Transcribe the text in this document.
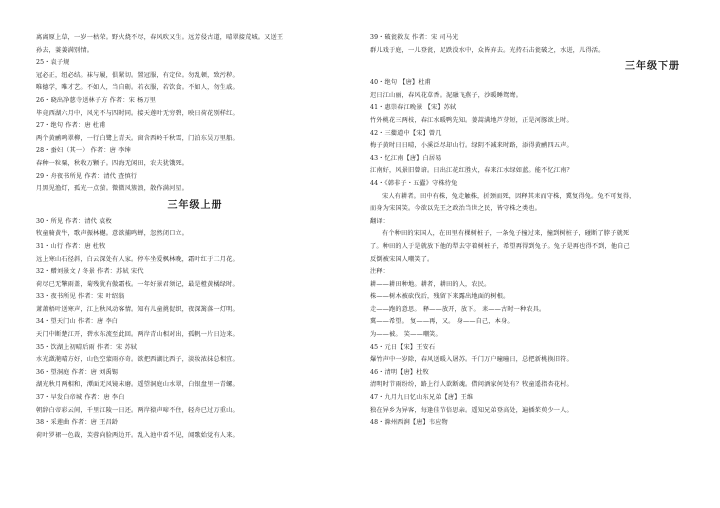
离离原上草，一岁一枯荣。野火烧不尽，春风吹又生。远芳侵古道，晴翠接荒城。又送王
孙去，萋萋满别情。
25・袁子规
冠必正，纽必结。袜与履，俱紧切。置冠服，有定位。勿乱顿，致污秽。
唯德学，唯才艺。不如人，当自砺。若衣服，若饮食。不如人，勿生戚。
26・晓出净慈寺送林子方 作者：宋 杨万里
毕竟西湖六月中，风光不与四时同。接天莲叶无穷碧，映日荷花别样红。
27・绝句 作者：唐 杜甫
两个黄鹂鸣翠柳，一行白鹭上青天。窗含西岭千秋雪，门泊东吴万里船。
28・蚕妇（其一） 作者：唐 李绅
春种一粒粟，秋收万颗子。四海无闲田，农夫犹饿死。
29・舟夜书所见 作者：清代 查慎行
月黑见渔灯，孤光一点萤。微微风簇浪，散作满河星。
三年级上册
30・所见 作者：清代 袁枚
牧童骑黄牛，歌声振林樾。意欲捕鸣蝉，忽然闭口立。
31・山行 作者：唐 杜牧
远上寒山石径斜，白云深处有人家。停车坐爱枫林晚，霜叶红于二月花。
32・赠刘景文 / 冬景 作者：苏轼 宋代
荷尽已无擎雨盖，菊残犹有傲霜枝。一年好景君须记，最是橙黄橘绿时。
33・夜书所见 作者：宋 叶绍翁
萧萧梧叶送寒声，江上秋风动客情。知有儿童挑促织，夜深篱落一灯明。
34・望天门山 作者：唐 李白
天门中断楚江开，碧水东流至此回。两岸青山相对出，孤帆一片日边来。
35・饮湖上初晴后雨 作者：宋 苏轼
水光潋滟晴方好，山色空蒙雨亦奇。欲把西湖比西子，淡妆浓抹总相宜。
36・望洞庭 作者：唐 刘禹锡
湖光秋月两相和，潭面无风镜未磨。遥望洞庭山水翠，白银盘里一青螺。
37・早发白帝城 作者：唐 李白
朝辞白帝彩云间，千里江陵一日还。两岸猿声啼不住，轻舟已过万重山。
38・采莲曲 作者：唐 王昌龄
荷叶罗裙一色裁，芙蓉向脸两边开。乱入池中看不见，闻歌始觉有人来。
39・破瓮救友 作者：宋 司马光
群儿戏于庭，一儿登瓮，足跌没水中，众皆弃去。光持石击瓮破之，水迸，儿得活。
三年级下册
40・绝句 【唐】杜甫
迟日江山丽，春风花草香。泥融飞燕子，沙暖睡鸳鸯。
41・惠崇春江晚景 【宋】苏轼
竹外桃花三两枝，春江水暖鸭先知。蒌蒿满地芦芽短，正是河豚欲上时。
42・三衢道中【宋】曾几
梅子黄时日日晴，小溪泛尽却山行。绿阴不减来时路，添得黄鹂四五声。
43・忆江南【唐】白居易
江南好，风景旧曾谙。日出江花红胜火，春来江水绿如蓝。能不忆江南？
44・《韩非子・五蠹》守株待兔
宋人有耕者。田中有株，兔走触株，折颈而死，因释其耒而守株，冀复得兔。兔不可复得，
而身为宋国笑。今欲以先王之政治当世之民，皆守株之类也。
翻译：
有个种田的宋国人，在田里有棵树桩子，一条兔子撞过来，撞到树桩子，碰断了脖子就死
了。种田的人于是就放下他的犁去守着树桩子，希望再得到兔子。兔子是再也得不到，他自己
反倒被宋国人嘲笑了。
注释：
耕——耕田种地。耕者，耕田的人，农民。
株——树木被砍伐后，残留下来露出地面的树根。
走——跑的意思。 释——放开，放下。 耒——古时一种农具。
冀——希望。 复——再，又。 身——自己，本身。
为——被。 笑——嘲笑。
45・元日【宋】王安石
爆竹声中一岁除，春风送暖入屠苏。千门万户曈曈日，总把新桃换旧符。
46・清明【唐】杜牧
清明时节雨纷纷，路上行人欲断魂。借问酒家何处有？牧童遥指杏花村。
47・九月九日忆山东兄弟【唐】王维
独在异乡为异客，每逢佳节倍思亲。遥知兄弟登高处，遍插茱萸少一人。
48・滁州西涧【唐】韦应物
